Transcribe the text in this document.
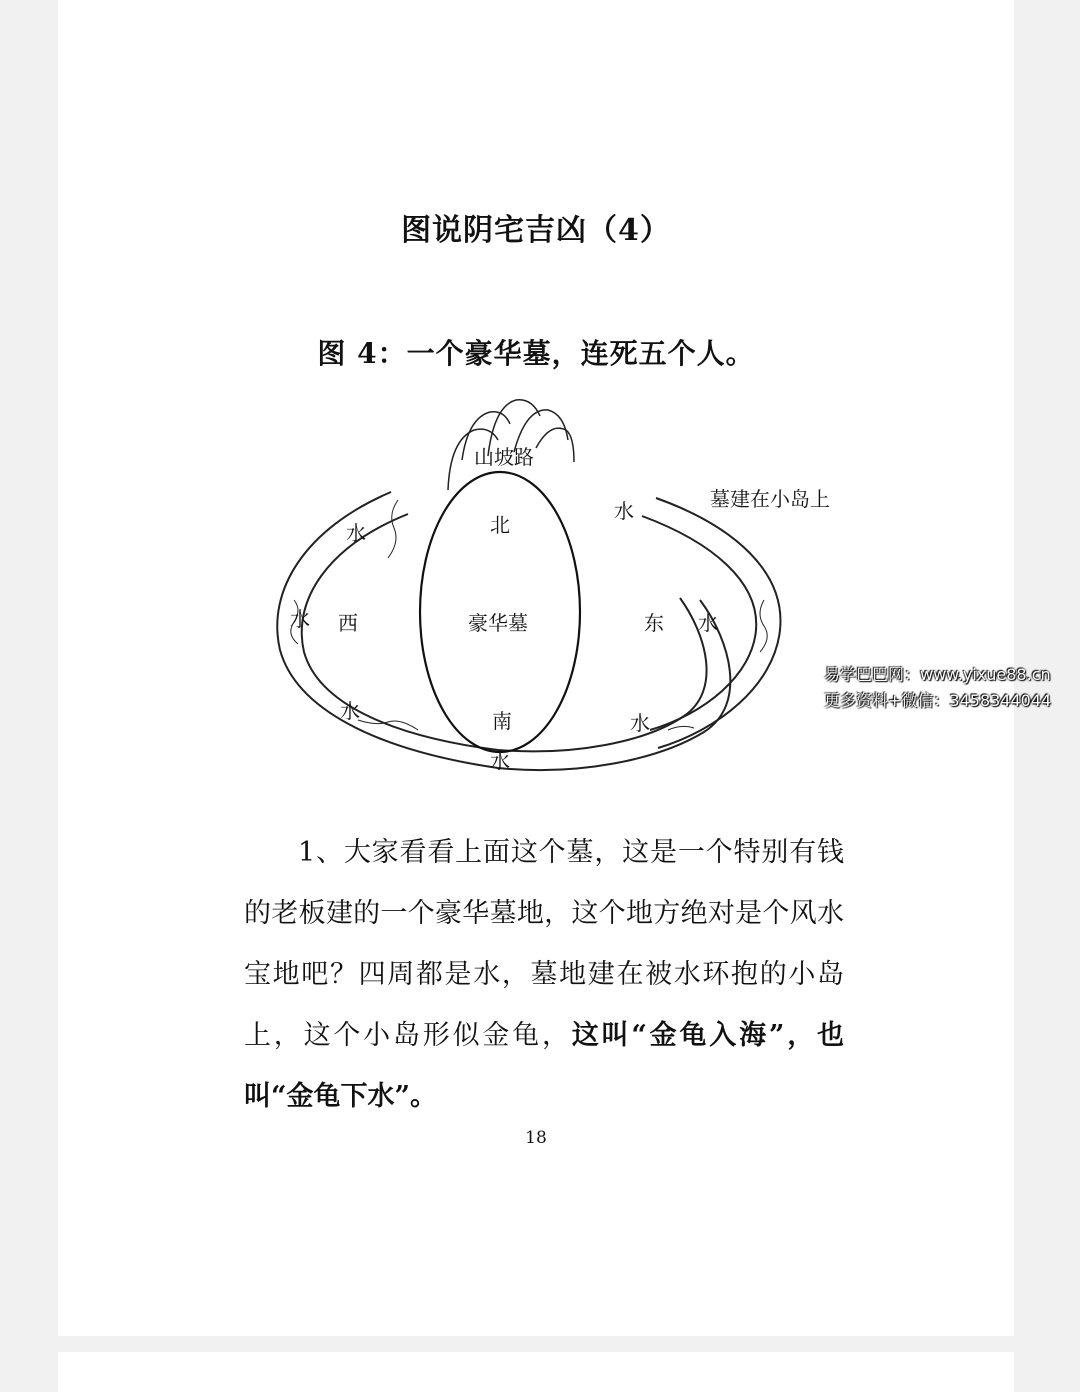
图说阴宅吉凶（4）
图 4：一个豪华墓，连死五个人。
山坡路
墓建在小岛上
北
豪华墓
西	东
南
水
水
水
水
水
水
水

1、大家看看上面这个墓，这是一个特别有钱的老板建的一个豪华墓地，这个地方绝对是个风水宝地吧？四周都是水，墓地建在被水环抱的小岛上，这个小岛形似金龟，这叫“金龟入海”，也叫“金龟下水”。

18
易学巴巴网：www.yixue88.cn
更多资料+微信：3458344044
